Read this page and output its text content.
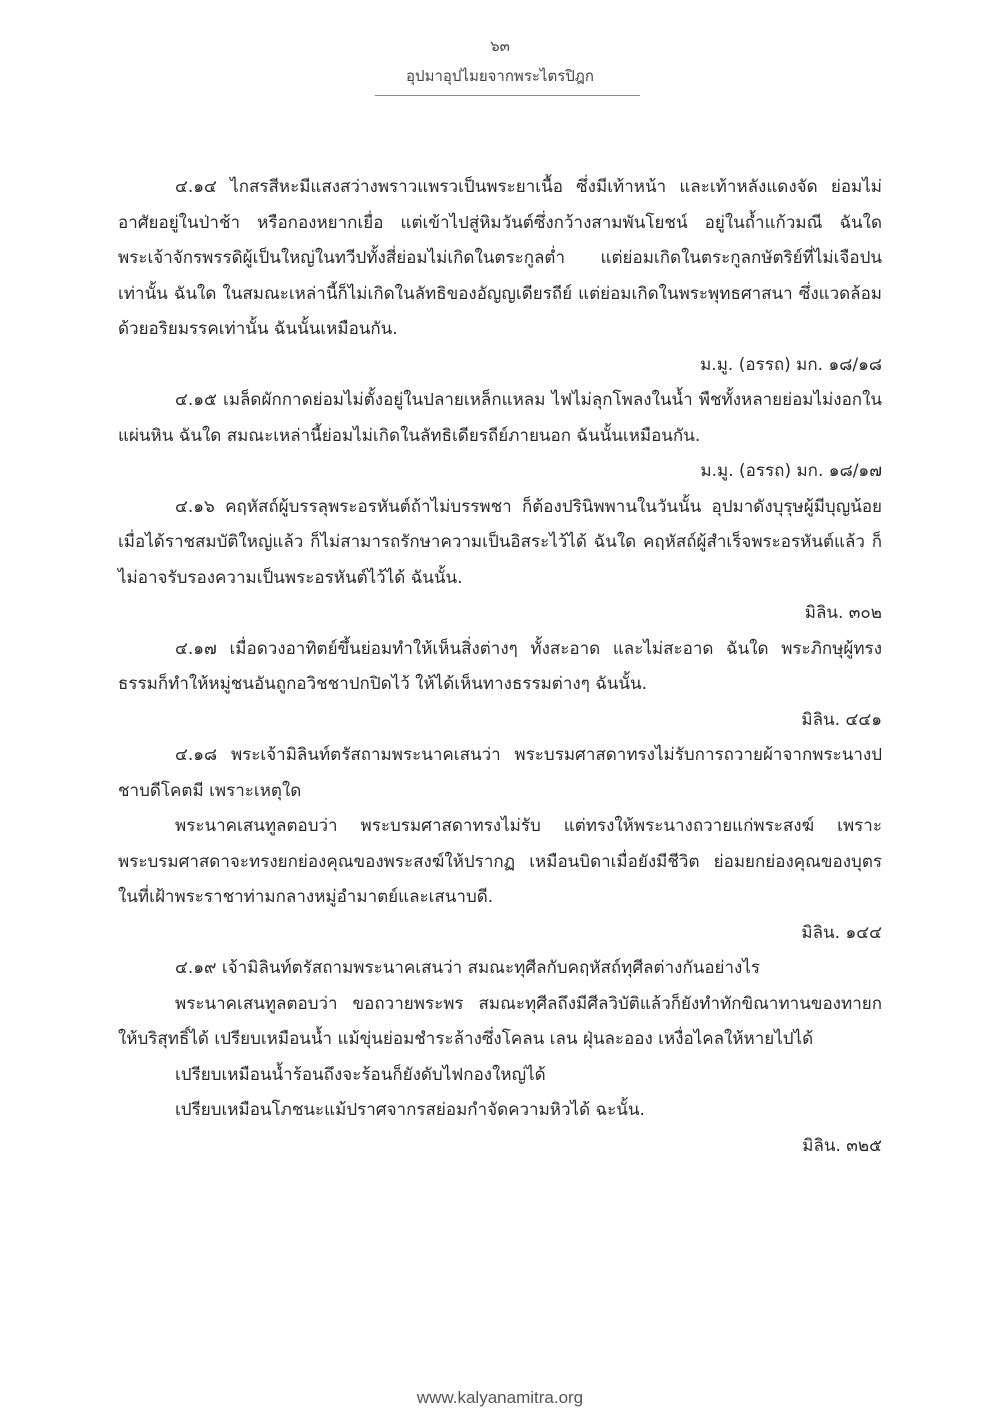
๖๓
อุปมาอุปไมยจากพระไตรปิฎก

๔.๑๔ ไกสรสีหะมีแสงสว่างพราวแพรวเป็นพระยาเนื้อ ซึ่งมีเท้าหน้า และเท้าหลังแดงจัด ย่อมไม่อาศัยอยู่ในป่าช้า หรือกองหยากเยื่อ แต่เข้าไปสู่หิมวันต์ซึ่งกว้างสามพันโยชน์ อยู่ในถ้ำแก้วมณี ฉันใด พระเจ้าจักรพรรดิผู้เป็นใหญ่ในทวีปทั้งสี่ย่อมไม่เกิดในตระกูลต่ำ แต่ย่อมเกิดในตระกูลกษัตริย์ที่ไม่เจือปนเท่านั้น ฉันใด ในสมณะเหล่านี้ก็ไม่เกิดในลัทธิของอัญญเดียรถีย์ แต่ย่อมเกิดในพระพุทธศาสนา ซึ่งแวดล้อมด้วยอริยมรรคเท่านั้น ฉันนั้นเหมือนกัน.

ม.มู. (อรรถ) มก. ๑๘/๑๘

๔.๑๕ เมล็ดผักกาดย่อมไม่ตั้งอยู่ในปลายเหล็กแหลม ไฟไม่ลุกโพลงในน้ำ พืชทั้งหลายย่อมไม่งอกในแผ่นหิน ฉันใด สมณะเหล่านี้ย่อมไม่เกิดในลัทธิเดียรถีย์ภายนอก ฉันนั้นเหมือนกัน.

ม.มู. (อรรถ) มก. ๑๘/๑๗

๔.๑๖ คฤหัสถ์ผู้บรรลุพระอรหันต์ถ้าไม่บรรพชา ก็ต้องปรินิพพานในวันนั้น อุปมาดังบุรุษผู้มีบุญน้อย เมื่อได้ราชสมบัติใหญ่แล้ว ก็ไม่สามารถรักษาความเป็นอิสระไว้ได้ ฉันใด คฤหัสถ์ผู้สำเร็จพระอรหันต์แล้ว ก็ไม่อาจรับรองความเป็นพระอรหันต์ไว้ได้ ฉันนั้น.

มิลิน. ๓๐๒

๔.๑๗ เมื่อดวงอาทิตย์ขึ้นย่อมทำให้เห็นสิ่งต่างๆ ทั้งสะอาด และไม่สะอาด ฉันใด พระภิกษุผู้ทรงธรรมก็ทำให้หมู่ชนอันถูกอวิชชาปกปิดไว้ ให้ได้เห็นทางธรรมต่างๆ ฉันนั้น.

มิลิน. ๔๔๑

๔.๑๘ พระเจ้ามิลินท์ตรัสถามพระนาคเสนว่า พระบรมศาสดาทรงไม่รับการถวายผ้าจากพระนางปชาบดีโคตมี เพราะเหตุใด

พระนาคเสนทูลตอบว่า พระบรมศาสดาทรงไม่รับ แต่ทรงให้พระนางถวายแก่พระสงฆ์ เพราะพระบรมศาสดาจะทรงยกย่องคุณของพระสงฆ์ให้ปรากฏ เหมือนบิดาเมื่อยังมีชีวิต ย่อมยกย่องคุณของบุตรในที่เฝ้าพระราชาท่ามกลางหมู่อำมาตย์และเสนาบดี.

มิลิน. ๑๔๔

๔.๑๙ เจ้ามิลินท์ตรัสถามพระนาคเสนว่า สมณะทุศีลกับคฤหัสถ์ทุศีลต่างกันอย่างไร

พระนาคเสนทูลตอบว่า ขอถวายพระพร สมณะทุศีลถึงมีศีลวิบัติแล้วก็ยังทำทักขิณาทานของทายกให้บริสุทธิ์ได้ เปรียบเหมือนน้ำ แม้ขุ่นย่อมชำระล้างซึ่งโคลน เลน ฝุ่นละออง เหงื่อไคลให้หายไปได้

เปรียบเหมือนน้ำร้อนถึงจะร้อนก็ยังดับไฟกองใหญ่ได้

เปรียบเหมือนโภชนะแม้ปราศจากรสย่อมกำจัดความหิวได้ ฉะนั้น.

มิลิน. ๓๒๕

www.kalyanamitra.org
